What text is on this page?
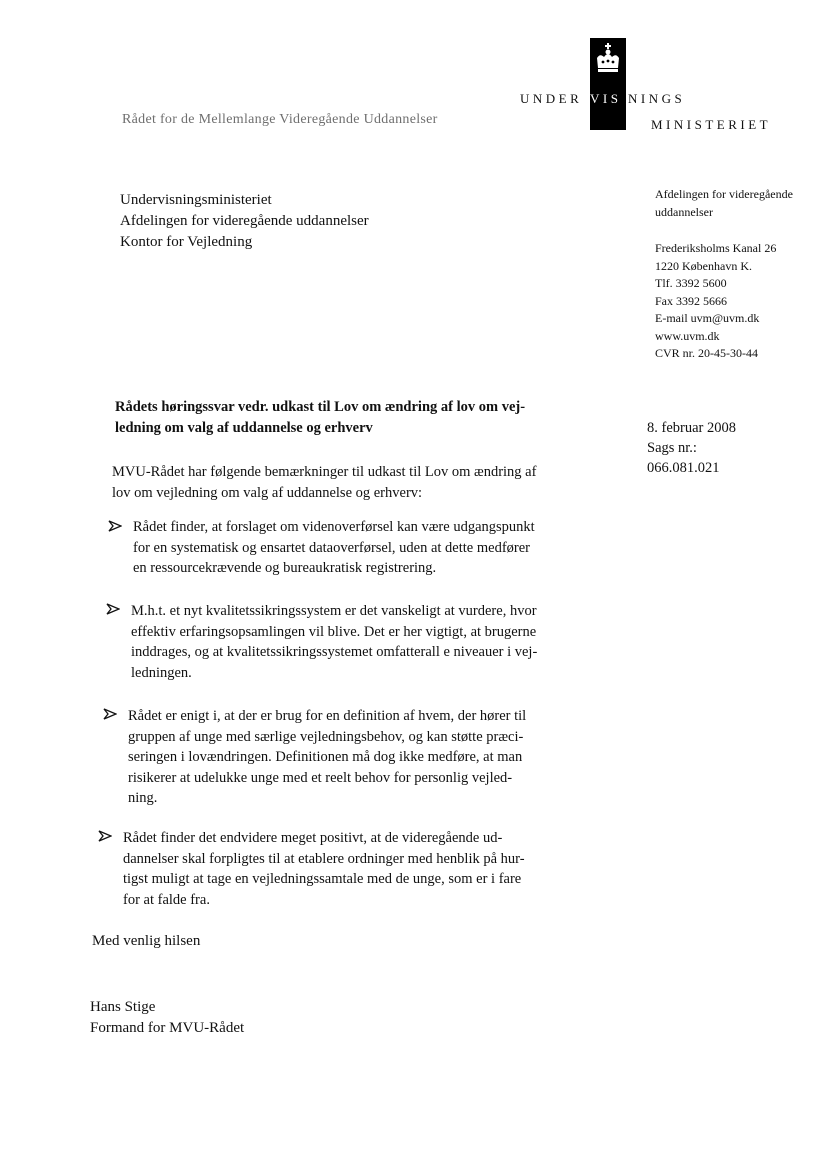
UNDER VIS NINGS
MINISTERIET
Rådet for de Mellemlange Videregående Uddannelser
Undervisningsministeriet
Afdelingen for videregående uddannelser
Kontor for Vejledning
Afdelingen for videregående
uddannelser
Frederiksholms Kanal 26
1220 København K.
Tlf. 3392 5600
Fax 3392 5666
E-mail uvm@uvm.dk
www.uvm.dk
CVR nr. 20-45-30-44
Rådets høringssvar vedr. udkast til Lov om ændring af lov om vej-
ledning om valg af uddannelse og erhverv	8. februar 2008
Sags nr.:
066.081.021
MVU-Rådet har følgende bemærkninger til udkast til Lov om ændring af
lov om vejledning om valg af uddannelse og erhverv:
Rådet finder, at forslaget om videnoverførsel kan være udgangspunkt
for en systematisk og ensartet dataoverførsel, uden at dette medfører
en ressourcekrævende og bureaukratisk registrering.
M.h.t. et nyt kvalitetssikringssystem er det vanskeligt at vurdere, hvor
effektiv erfaringsopsamlingen vil blive. Det er her vigtigt, at brugerne
inddrages, og at kvalitetssikringssystemet omfatterall e niveauer i vej-
ledningen.
Rådet er enigt i, at der er brug for en definition af hvem, der hører til
gruppen af unge med særlige vejledningsbehov, og kan støtte præci-
seringen i lovændringen. Definitionen må dog ikke medføre, at man
risikerer at udelukke unge med et reelt behov for personlig vejled-
ning.
Rådet finder det endvidere meget positivt, at de videregående ud-
dannelser skal forpligtes til at etablere ordninger med henblik på hur-
tigst muligt at tage en vejledningssamtale med de unge, som er i fare
for at falde fra.
Med venlig hilsen
Hans Stige
Formand for MVU-Rådet
